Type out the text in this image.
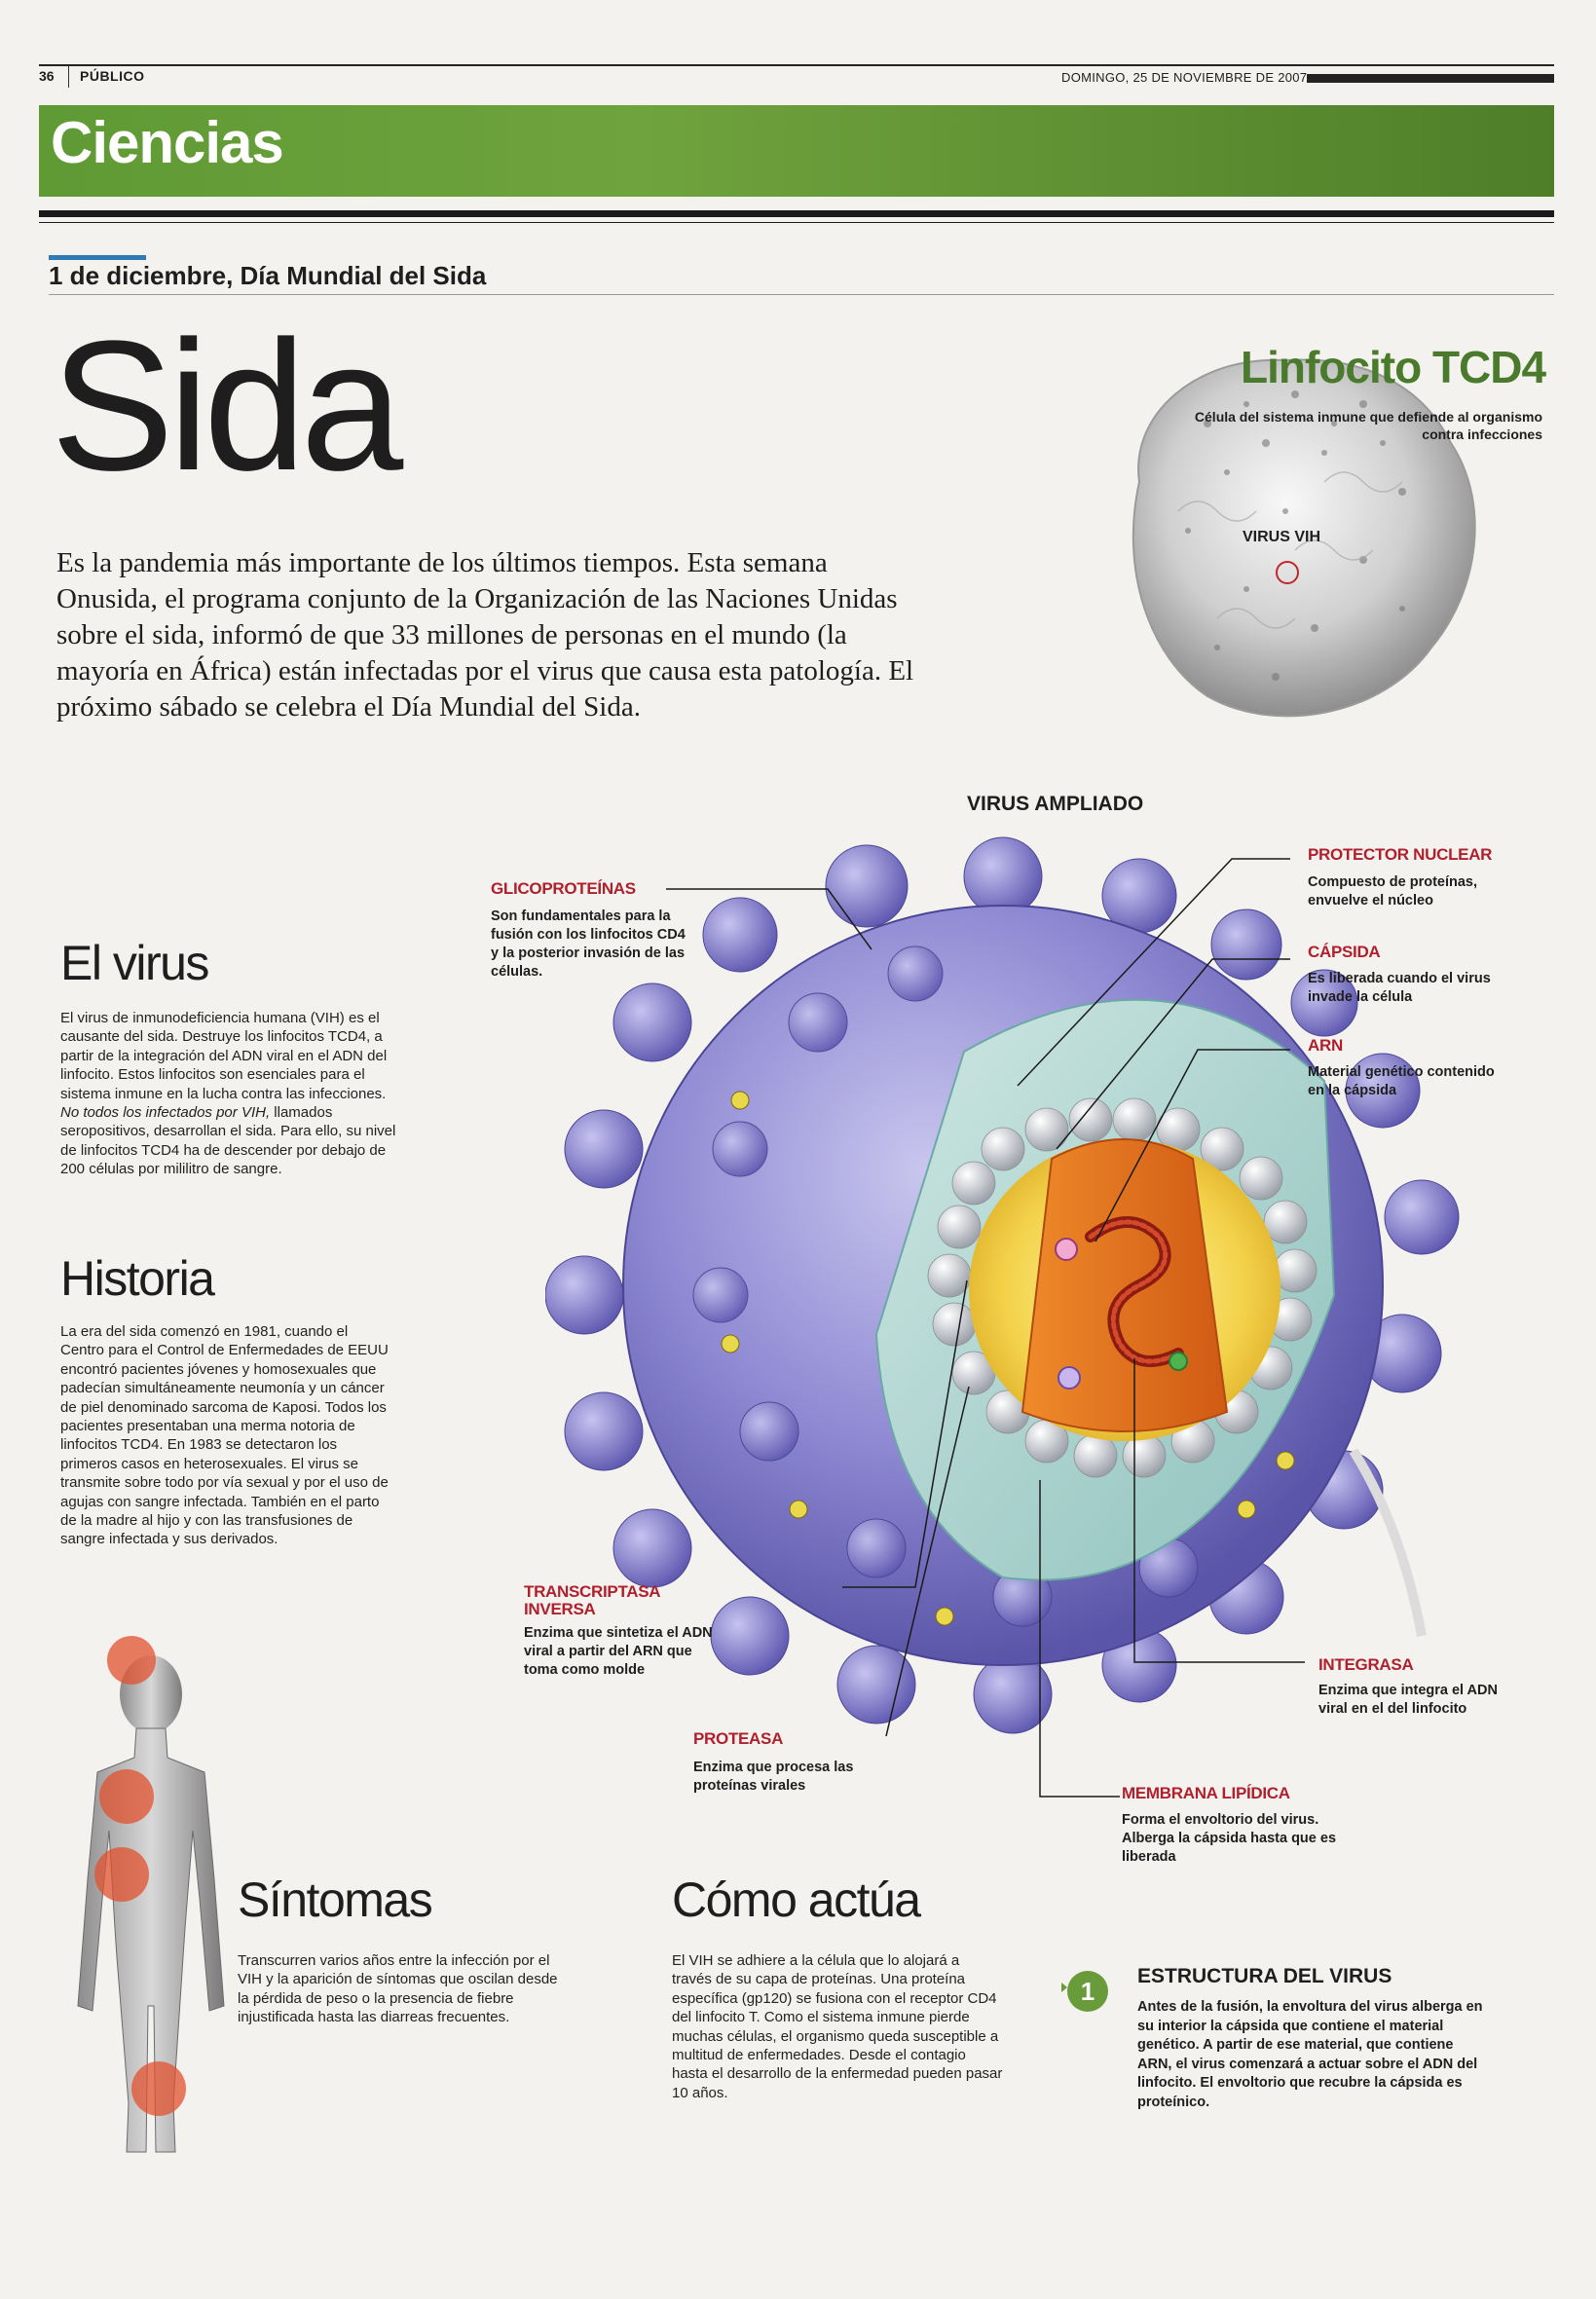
36 PÚBLICO	DOMINGO, 25 DE NOVIEMBRE DE 2007
Ciencias
1 de diciembre, Día Mundial del Sida
Sida
Es la pandemia más importante de los últimos tiempos. Esta semana Onusida, el programa conjunto de la Organización de las Naciones Unidas sobre el sida, informó de que 33 millones de personas en el mundo (la mayoría en África) están infectadas por el virus que causa esta patología. El próximo sábado se celebra el Día Mundial del Sida.
Linfocito TCD4
Célula del sistema inmune que defiende al organismo contra infecciones
VIRUS VIH
VIRUS AMPLIADO
GLICOPROTEÍNAS
Son fundamentales para la fusión con los linfocitos CD4 y la posterior invasión de las células.
PROTECTOR NUCLEAR
Compuesto de proteínas, envuelve el núcleo
CÁPSIDA
Es liberada cuando el virus invade la célula
ARN
Material genético contenido en la cápsida
TRANSCRIPTASA INVERSA
Enzima que sintetiza el ADN viral a partir del ARN que toma como molde	INTEGRASA
Enzima que integra el ADN viral en el del linfocito
PROTEASA
Enzima que procesa las proteínas virales	MEMBRANA LIPÍDICA
Forma el envoltorio del virus. Alberga la cápsida hasta que es liberada
El virus
El virus de inmunodeficiencia humana (VIH) es el causante del sida. Destruye los linfocitos TCD4, a partir de la integración del ADN viral en el ADN del linfocito. Estos linfocitos son esenciales para el sistema inmune en la lucha contra las infecciones. No todos los infectados por VIH, llamados seropositivos, desarrollan el sida. Para ello, su nivel de linfocitos TCD4 ha de descender por debajo de 200 células por mililitro de sangre.
Historia
La era del sida comenzó en 1981, cuando el Centro para el Control de Enfermedades de EEUU encontró pacientes jóvenes y homosexuales que padecían simultáneamente neumonía y un cáncer de piel denominado sarcoma de Kaposi. Todos los pacientes presentaban una merma notoria de linfocitos TCD4. En 1983 se detectaron los primeros casos en heterosexuales. El virus se transmite sobre todo por vía sexual y por el uso de agujas con sangre infectada. También en el parto de la madre al hijo y con las transfusiones de sangre infectada y sus derivados.
Síntomas
Transcurren varios años entre la infección por el VIH y la aparición de síntomas que oscilan desde la pérdida de peso o la presencia de fiebre injustificada hasta las diarreas frecuentes.
Cómo actúa
El VIH se adhiere a la célula que lo alojará a través de su capa de proteínas. Una proteína específica (gp120) se fusiona con el receptor CD4 del linfocito T. Como el sistema inmune pierde muchas células, el organismo queda susceptible a multitud de enfermedades. Desde el contagio hasta el desarrollo de la enfermedad pueden pasar 10 años.
1
ESTRUCTURA DEL VIRUS
Antes de la fusión, la envoltura del virus alberga en su interior la cápsida que contiene el material genético. A partir de ese material, que contiene ARN, el virus comenzará a actuar sobre el ADN del linfocito. El envoltorio que recubre la cápsida es proteínico.
